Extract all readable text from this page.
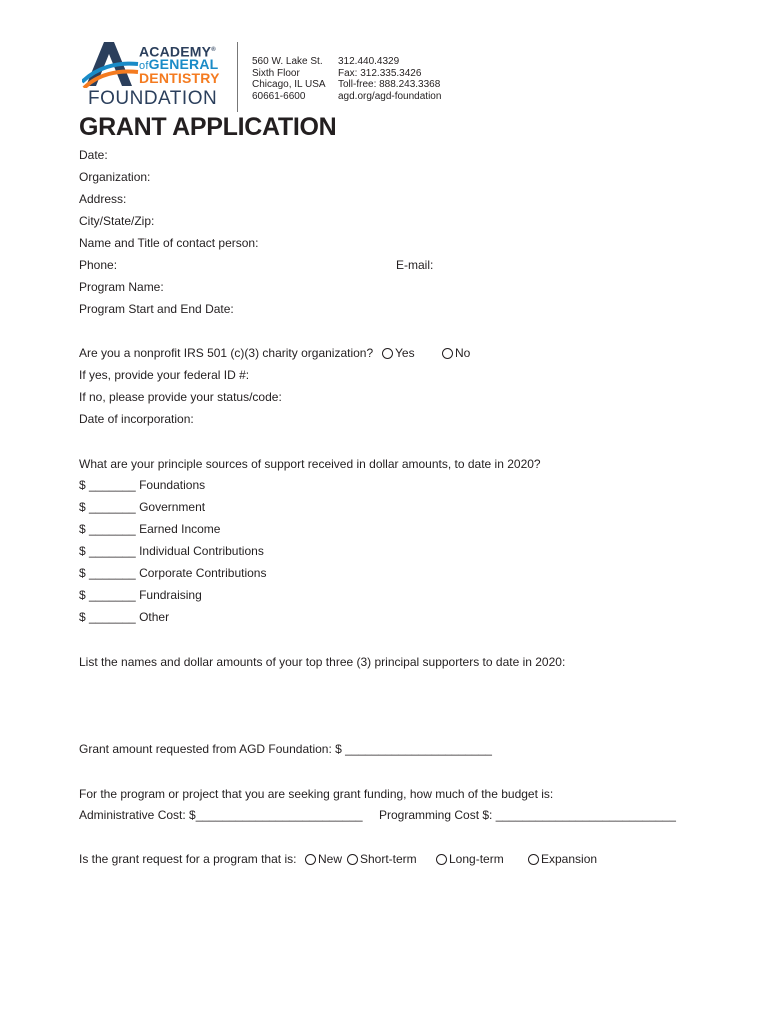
ACADEMY®
ofGENERAL
DENTISTRY
FOUNDATION
560 W. Lake St.
Sixth Floor
Chicago, IL USA
60661-6600
312.440.4329
Fax: 312.335.3426
Toll-free: 888.243.3368
agd.org/agd-foundation
GRANT APPLICATION
Date:
Organization:
Address:
City/State/Zip:
Name and Title of contact person:
Phone:	E-mail:
Program Name:
Program Start and End Date:
Are you a nonprofit IRS 501 (c)(3) charity organization?	Yes	No
If yes, provide your federal ID #:
If no, please provide your status/code:
Date of incorporation:
What are your principle sources of support received in dollar amounts, to date in 2020?
$ _______ Foundations
$ _______ Government
$ _______ Earned Income
$ _______ Individual Contributions
$ _______ Corporate Contributions
$ _______ Fundraising
$ _______ Other
List the names and dollar amounts of your top three (3) principal supporters to date in 2020:
Grant amount requested from AGD Foundation: $ ______________________
For the program or project that you are seeking grant funding, how much of the budget is:
Administrative Cost: $_________________________ Programming Cost $: ___________________________
Is the grant request for a program that is:	New	Short-term	Long-term	Expansion
